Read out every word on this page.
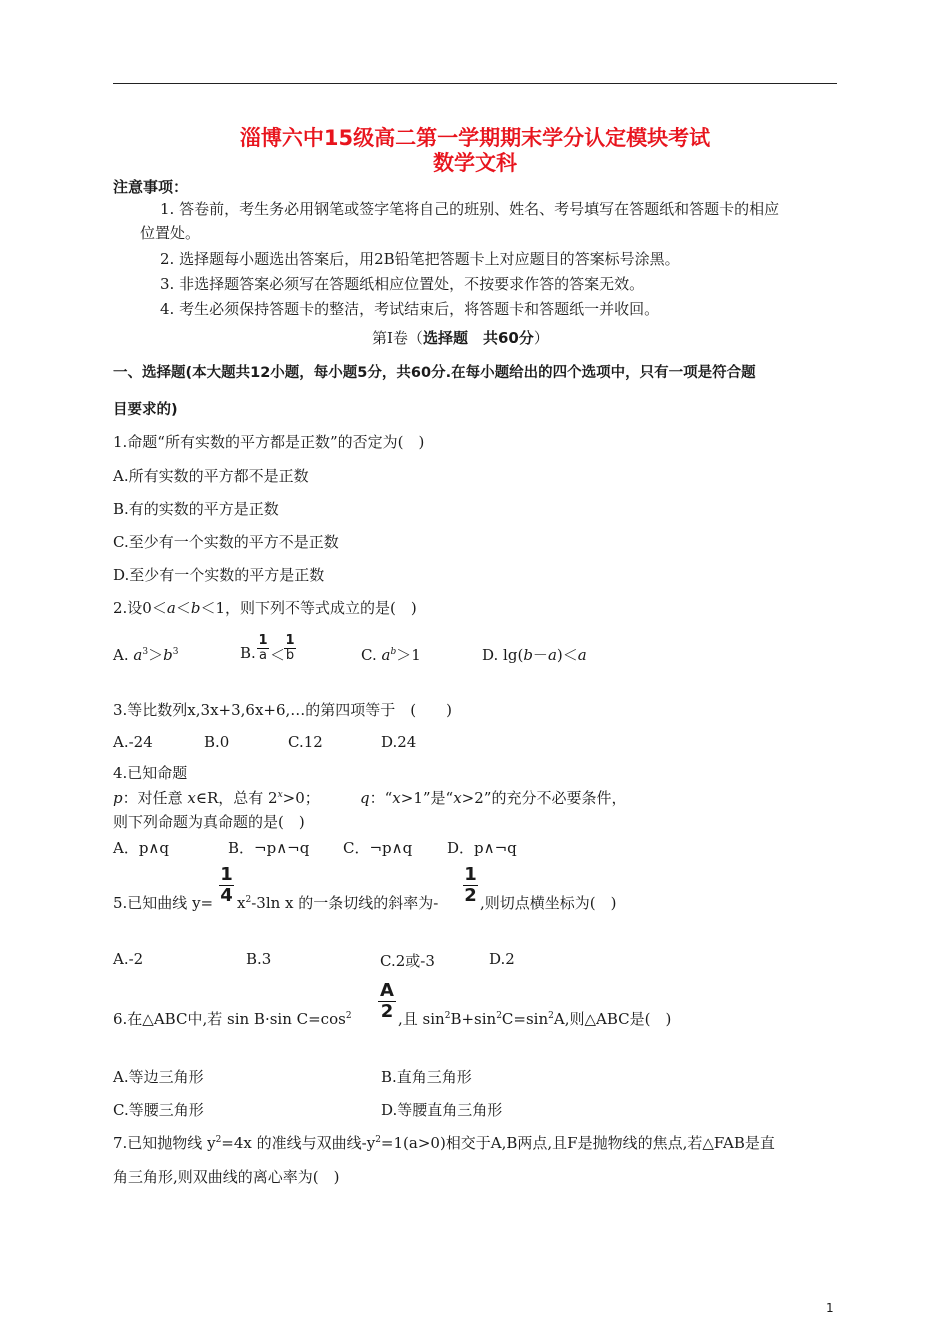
淄博六中15级高二第一学期期末学分认定模块考试
数学文科
注意事项：
1. 答卷前，考生务必用钢笔或签字笔将自己的班别、姓名、考号填写在答题纸和答题卡的相应
位置处。
2. 选择题每小题选出答案后，用2B铅笔把答题卡上对应题目的答案标号涂黑。
3. 非选择题答案必须写在答题纸相应位置处，不按要求作答的答案无效。
4. 考生必须保持答题卡的整洁，考试结束后，将答题卡和答题纸一并收回。
第Ⅰ卷（选择题　共60分）
一、选择题(本大题共12小题，每小题5分，共60分.在每小题给出的四个选项中，只有一项是符合题
目要求的)
1.命题“所有实数的平方都是正数”的否定为(　)
A.所有实数的平方都不是正数
B.有的实数的平方是正数
C.至少有一个实数的平方不是正数
D.至少有一个实数的平方是正数
2.设0＜a＜b＜1，则下列不等式成立的是(　)
A. $a^3>b^3$	B. $\frac{1}{a}$ ＜
$\frac{1}{b}$	C. $a^b>1$	D. lg(b－a)＜a
3.等比数列x,3x+3,6x+6,…的第四项等于　(　　)
A.-24	B.0	C.12	D.24
4.已知命题
p：对任意 x∈R，总有 $2^x>0$；	q：“x>1”是“x>2”的充分不必要条件，
则下列命题为真命题的是(　)
A．p∧q	B．¬p∧¬q C．¬p∧q D．p∧¬q
5.已知曲线 $y= \frac{1}{4} x^2-3\ln$ x 的一条切线的斜率为- $\frac{1}{2}$ ,则切点横坐标为(　)
A.-2	B.3	C.2或-3	D.2
6.在△ABC中,若 sin B·sin $C=\cos^2 \frac{A}{2}$ ,且 $\sin^2B+\sin^2C=\sin^2A$,则△ABC是(　)
A.等边三角形	B.直角三角形
C.等腰三角形	D.等腰直角三角形
7.已知抛物线 $y^2=4x$ 的准线与双曲线$-y^2=1(a>0)$相交于A,B两点,且F是抛物线的焦点,若△FAB是直
角三角形,则双曲线的离心率为(　)
1
